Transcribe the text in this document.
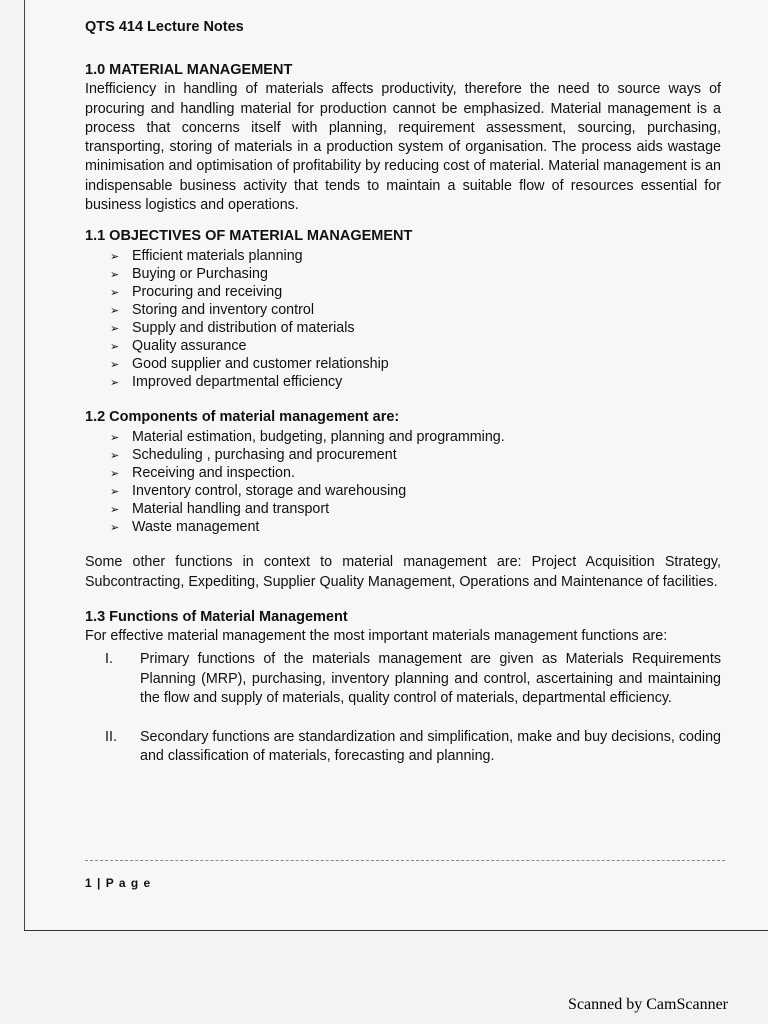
QTS 414 Lecture Notes
1.0 MATERIAL MANAGEMENT

Inefficiency in handling of materials affects productivity, therefore the need to source ways of procuring and handling material for production cannot be emphasized. Material management is a process that concerns itself with planning, requirement assessment, sourcing, purchasing, transporting, storing of materials in a production system of organisation. The process aids wastage minimisation and optimisation of profitability by reducing cost of material. Material management is an indispensable business activity that tends to maintain a suitable flow of resources essential for business logistics and operations.

1.1 OBJECTIVES OF MATERIAL MANAGEMENT
➢ Efficient materials planning
➢ Buying or Purchasing
➢ Procuring and receiving
➢ Storing and inventory control
➢ Supply and distribution of materials
➢ Quality assurance
➢ Good supplier and customer relationship
➢ Improved departmental efficiency
1.2 Components of material management are:
➢ Material estimation, budgeting, planning and programming.
➢ Scheduling , purchasing and procurement
➢ Receiving and inspection.
➢ Inventory control, storage and warehousing
➢ Material handling and transport
➢ Waste management

Some other functions in context to material management are: Project Acquisition Strategy, Subcontracting, Expediting, Supplier Quality Management, Operations and Maintenance of facilities.

1.3 Functions of Material Management

For effective material management the most important materials management functions are:

I.	Primary functions of the materials management are given as Materials Requirements Planning (MRP), purchasing, inventory planning and control, ascertaining and maintaining the flow and supply of materials, quality control of materials, departmental efficiency.
II.	Secondary functions are standardization and simplification, make and buy decisions, coding and classification of materials, forecasting and planning.
1 | P a g e
Scanned by CamScanner
